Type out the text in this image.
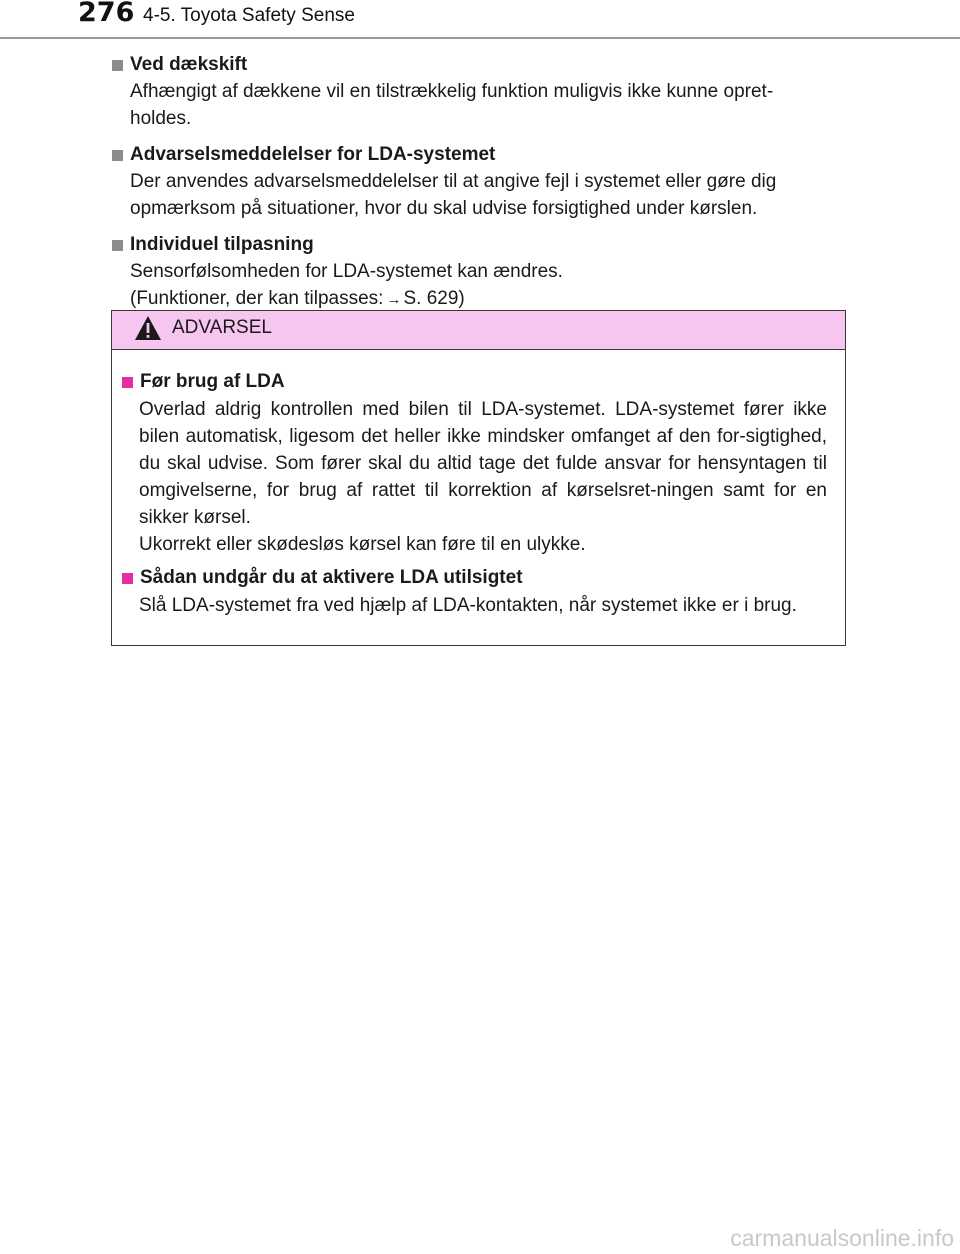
276 4-5. Toyota Safety Sense
Ved dækskift

Afhængigt af dækkene vil en tilstrækkelig funktion muligvis ikke kunne opret-

holdes.

Advarselsmeddelelser for LDA-systemet

Der anvendes advarselsmeddelelser til at angive fejl i systemet eller gøre dig

opmærksom på situationer, hvor du skal udvise forsigtighed under kørslen.

Individuel tilpasning

Sensorfølsomheden for LDA-systemet kan ændres.

(Funktioner, der kan tilpasses: → S. 629)

ADVARSEL
Før brug af LDA

Overlad aldrig kontrollen med bilen til LDA-systemet. LDA-systemet fører ikke bilen automatisk, ligesom det heller ikke mindsker omfanget af den for-sigtighed, du skal udvise. Som fører skal du altid tage det fulde ansvar for hensyntagen til omgivelserne, for brug af rattet til korrektion af kørselsret-ningen samt for en sikker kørsel.

Ukorrekt eller skødesløs kørsel kan føre til en ulykke.

Sådan undgår du at aktivere LDA utilsigtet

Slå LDA-systemet fra ved hjælp af LDA-kontakten, når systemet ikke er i brug.

carmanualsonline.info
